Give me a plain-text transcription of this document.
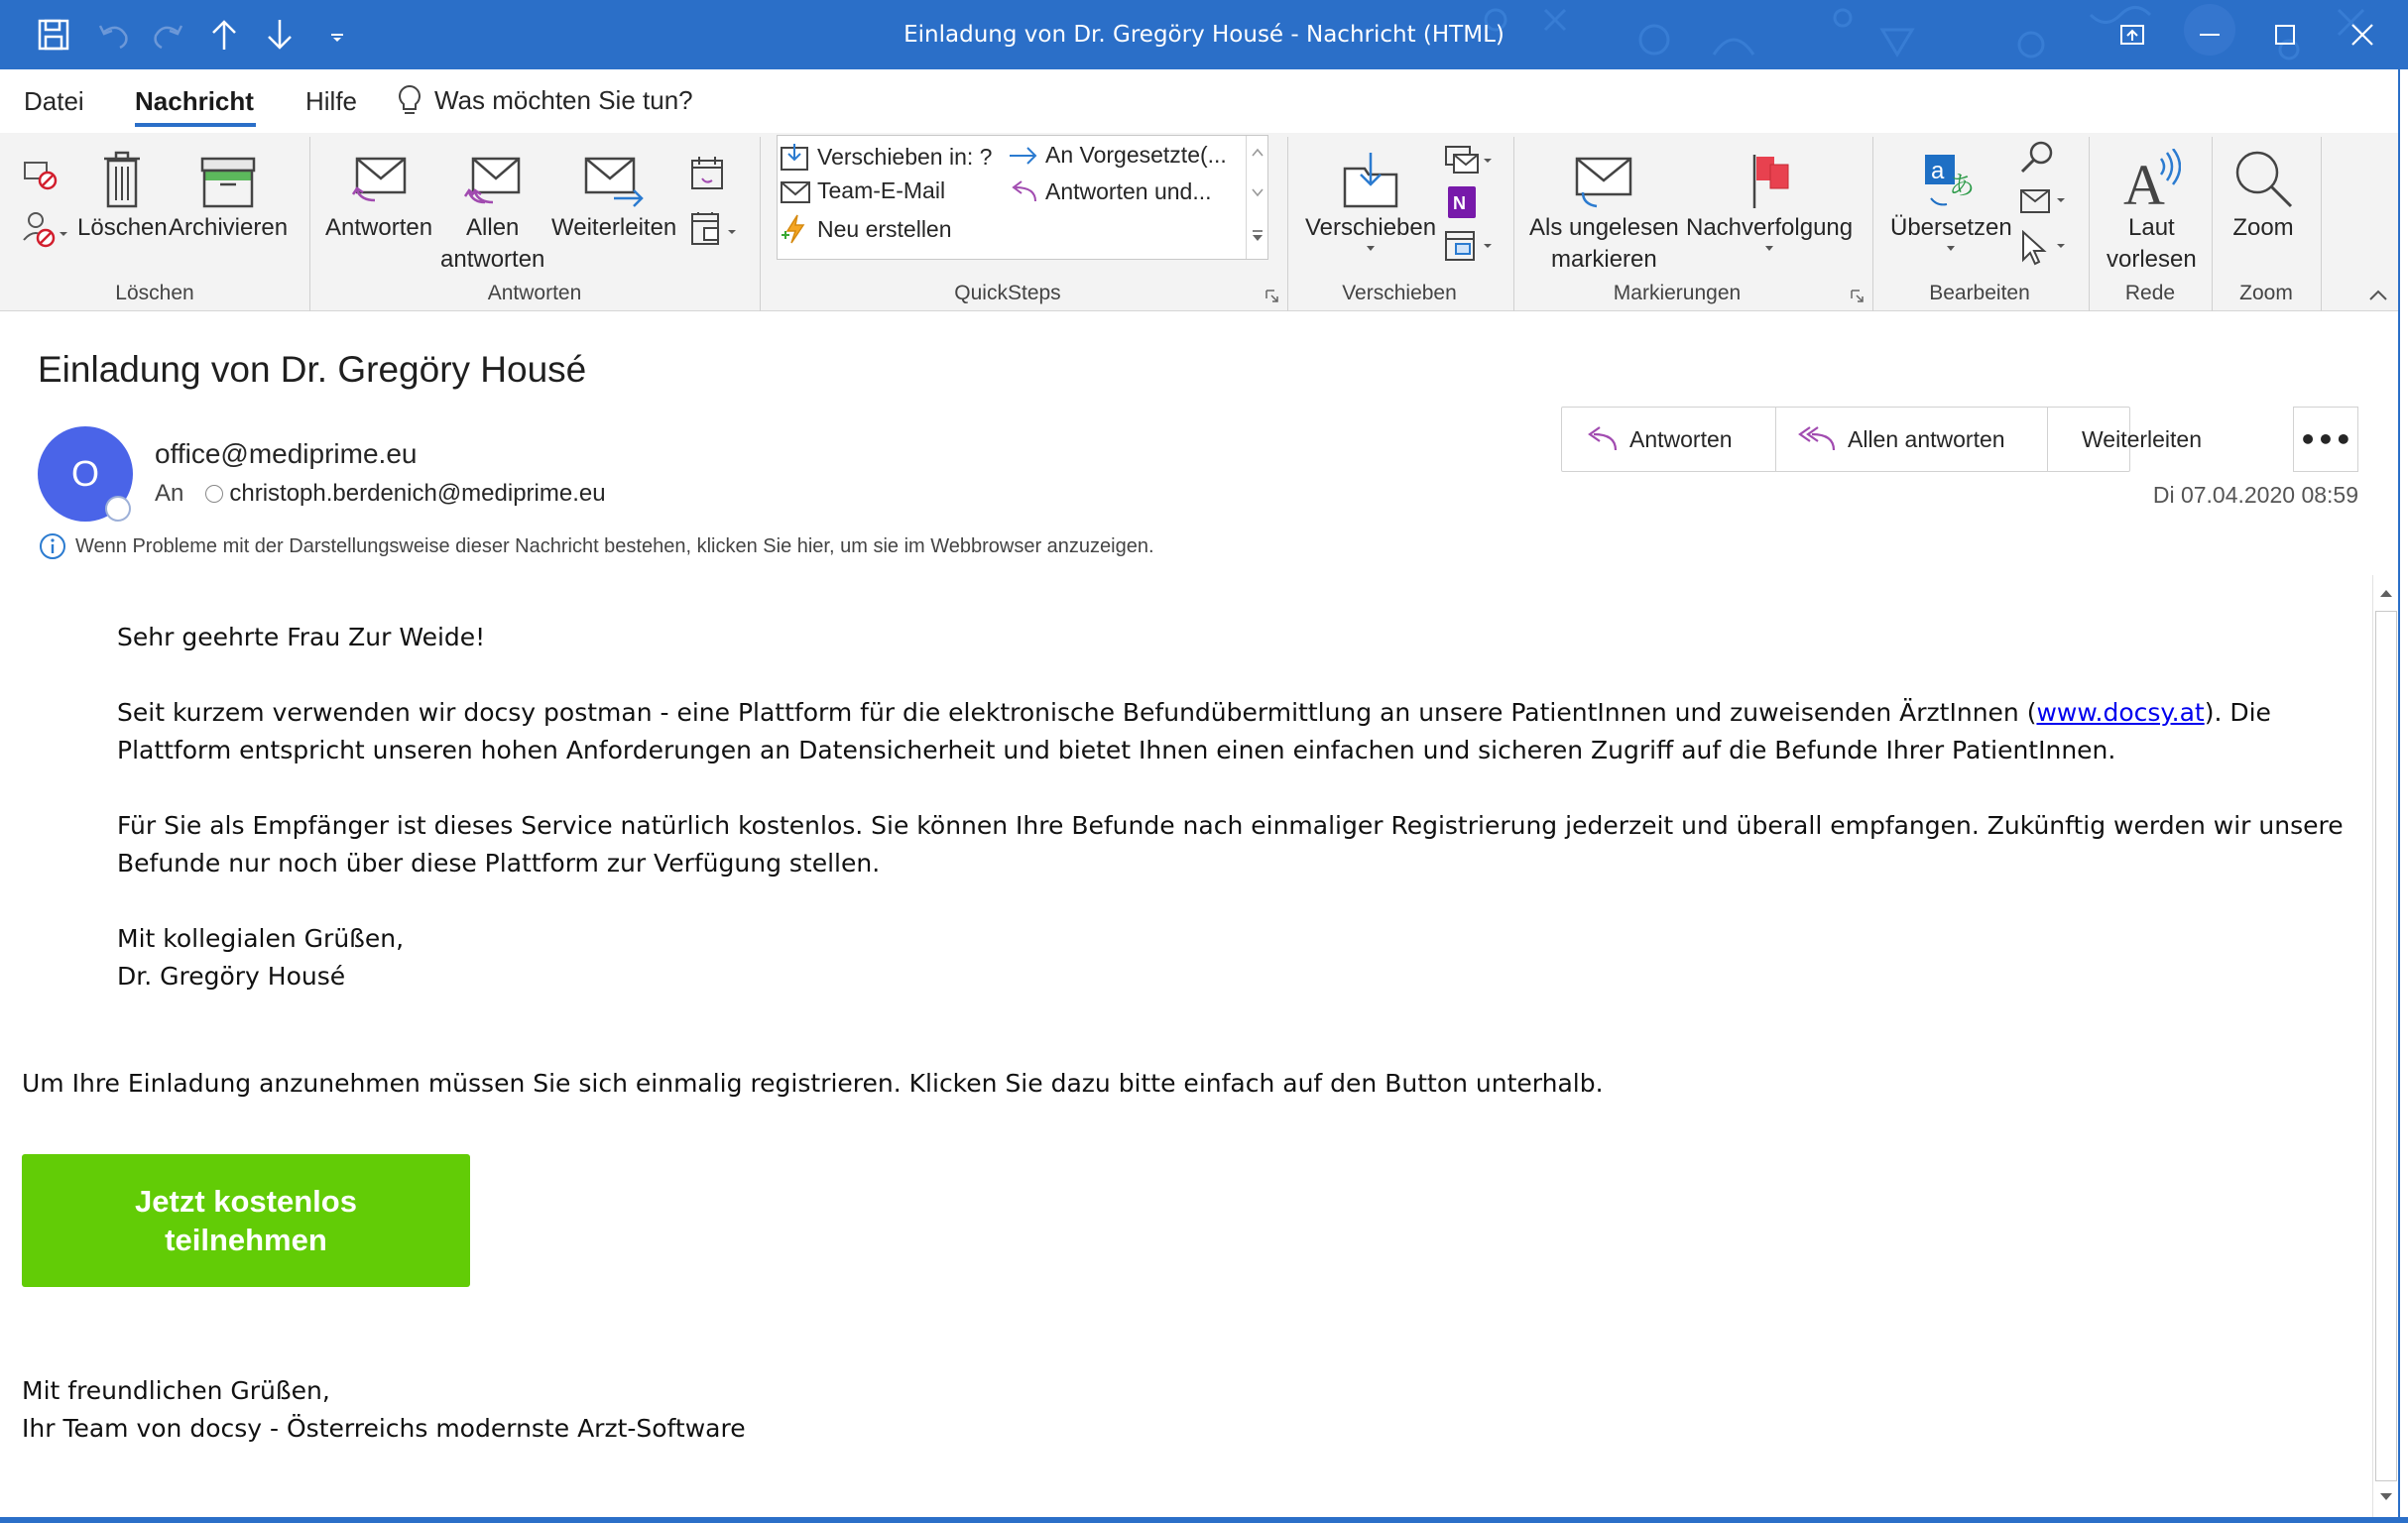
Einladung von Dr. Gregöry Housé - Nachricht (HTML)
Datei Nachricht Hilfe	Was möchten Sie tun?
Löschen Archivieren
Löschen
Antworten Allen
antworten
Weiterleiten
Antworten
Verschieben in: ?
Team-E-Mail
Neu erstellen
An Vorgesetzte(...
Antworten und...
QuickSteps
Verschieben
N
Verschieben
Als ungelesen
markieren
Nachverfolgung
Markierungen
a
あ
Übersetzen
Bearbeiten
A
Laut
vorlesen
Rede
Zoom
Zoom
Einladung von Dr. Gregöry Housé
O	office@mediprime.eu
An christoph.berdenich@mediprime.eu
Antworten	Allen antworten	Weiterleiten	•••
Di 07.04.2020 08:59
Wenn Probleme mit der Darstellungsweise dieser Nachricht bestehen, klicken Sie hier, um sie im Webbrowser anzuzeigen.
Sehr geehrte Frau Zur Weide!
Seit kurzem verwenden wir docsy postman - eine Plattform für die elektronische Befundübermittlung an unsere PatientInnen und zuweisenden ÄrztInnen (www.docsy.at). Die
Plattform entspricht unseren hohen Anforderungen an Datensicherheit und bietet Ihnen einen einfachen und sicheren Zugriff auf die Befunde Ihrer PatientInnen.
Für Sie als Empfänger ist dieses Service natürlich kostenlos. Sie können Ihre Befunde nach einmaliger Registrierung jederzeit und überall empfangen. Zukünftig werden wir unsere
Befunde nur noch über diese Plattform zur Verfügung stellen.
Mit kollegialen Grüßen,
Dr. Gregöry Housé
Um Ihre Einladung anzunehmen müssen Sie sich einmalig registrieren. Klicken Sie dazu bitte einfach auf den Button unterhalb.
Jetzt kostenlos
teilnehmen
Mit freundlichen Grüßen,
Ihr Team von docsy - Österreichs modernste Arzt-Software
